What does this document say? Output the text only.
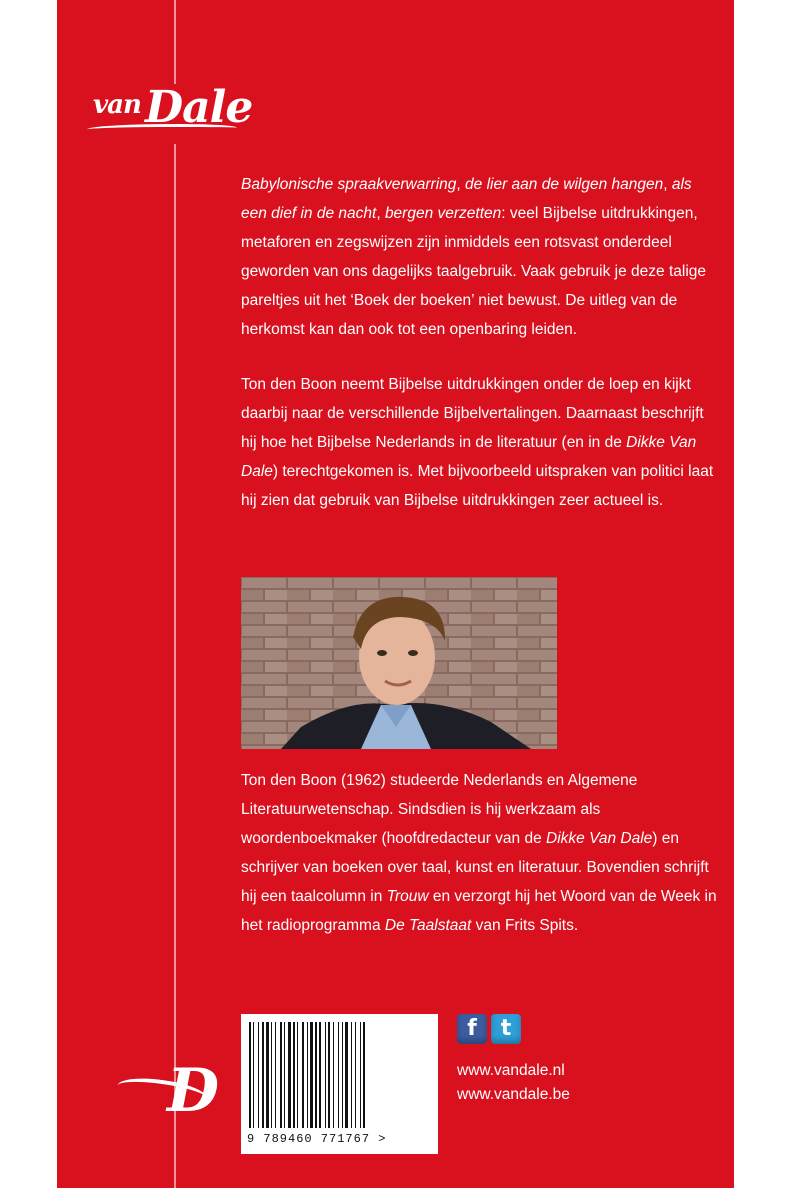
van Dale

Babylonische spraakverwarring, de lier aan de wilgen hangen, als een dief in de nacht, bergen verzetten: veel Bijbelse uitdrukkingen, metaforen en zegswijzen zijn inmiddels een rotsvast onderdeel geworden van ons dagelijks taalgebruik. Vaak gebruik je deze talige pareltjes uit het ‘Boek der boeken’ niet bewust. De uitleg van de herkomst kan dan ook tot een openbaring leiden.

Ton den Boon neemt Bijbelse uitdrukkingen onder de loep en kijkt daarbij naar de verschillende Bijbelvertalingen. Daarnaast beschrijft hij hoe het Bijbelse Nederlands in de literatuur (en in de Dikke Van Dale) terechtgekomen is. Met bijvoorbeeld uitspraken van politici laat hij zien dat gebruik van Bijbelse uitdrukkingen zeer actueel is.

Ton den Boon (1962) studeerde Nederlands en Algemene Literatuurwetenschap. Sindsdien is hij werkzaam als woordenboekmaker (hoofdredacteur van de Dikke Van Dale) en schrijver van boeken over taal, kunst en literatuur. Bovendien schrijft hij een taalcolumn in Trouw en verzorgt hij het Woord van de Week in het radioprogramma De Taalstaat van Frits Spits.

9 789460 771767 >
f	t
www.vandale.nl
www.vandale.be
D
